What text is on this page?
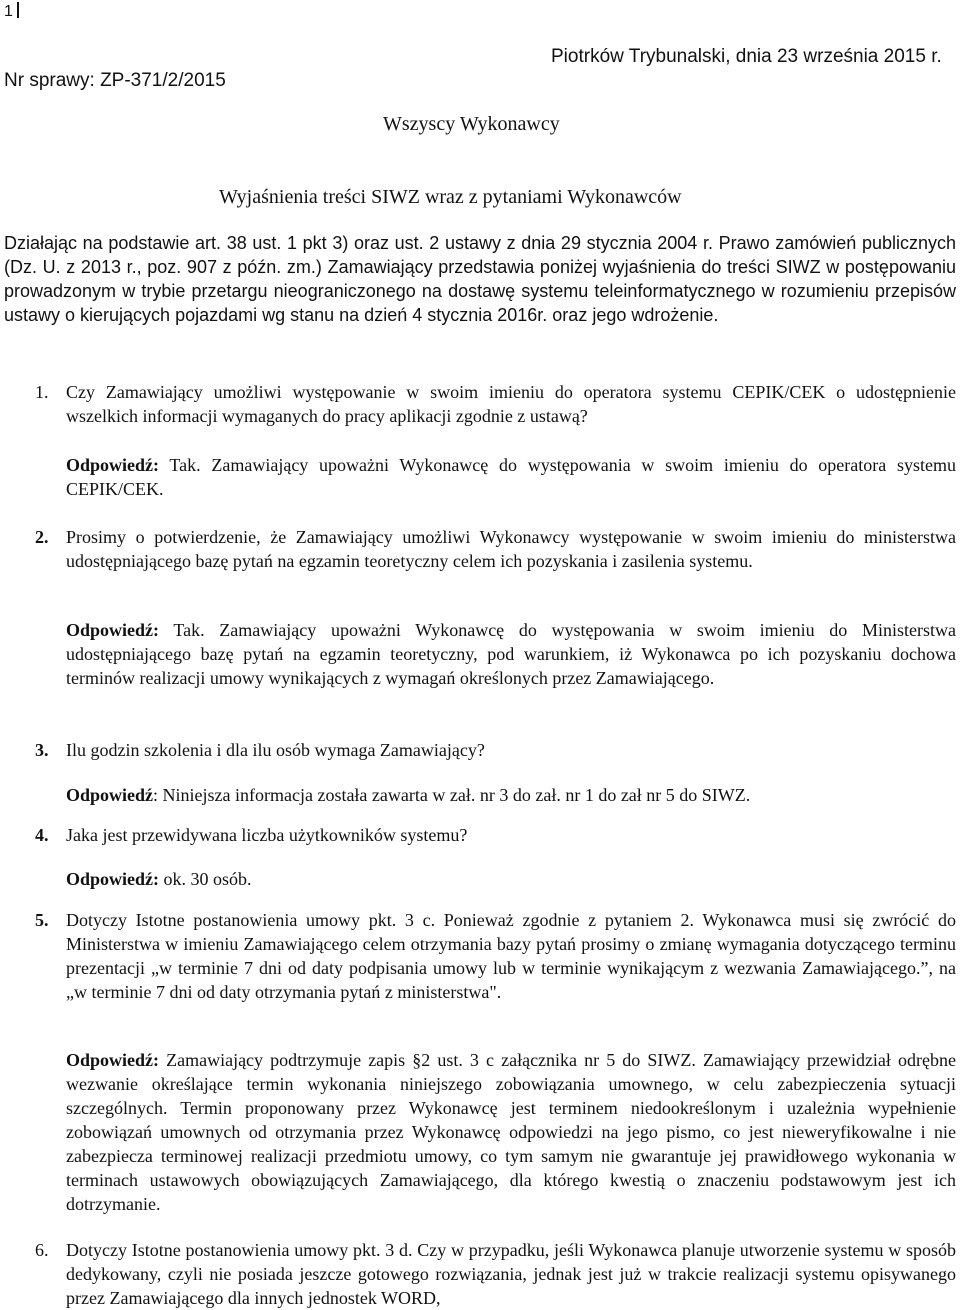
1
Nr sprawy: ZP-371/2/2015
Piotrków Trybunalski, dnia 23 września 2015 r.
Wszyscy Wykonawcy
Wyjaśnienia treści SIWZ wraz z pytaniami Wykonawców
Działając na podstawie art. 38 ust. 1 pkt 3) oraz ust. 2 ustawy z dnia 29 stycznia 2004 r. Prawo zamówień publicznych (Dz. U. z 2013 r., poz. 907 z późn. zm.) Zamawiający przedstawia poniżej wyjaśnienia do treści SIWZ w postępowaniu prowadzonym w trybie przetargu nieograniczonego na dostawę systemu teleinformatycznego w rozumieniu przepisów ustawy o kierujących pojazdami wg stanu na dzień 4 stycznia 2016r. oraz jego wdrożenie.
1. Czy Zamawiający umożliwi występowanie w swoim imieniu do operatora systemu CEPIK/CEK o udostępnienie wszelkich informacji wymaganych do pracy aplikacji zgodnie z ustawą?
Odpowiedź: Tak. Zamawiający upoważni Wykonawcę do występowania w swoim imieniu do operatora systemu CEPIK/CEK.
2. Prosimy o potwierdzenie, że Zamawiający umożliwi Wykonawcy występowanie w swoim imieniu do ministerstwa udostępniającego bazę pytań na egzamin teoretyczny celem ich pozyskania i zasilenia systemu.
Odpowiedź: Tak. Zamawiający upoważni Wykonawcę do występowania w swoim imieniu do Ministerstwa udostępniającego bazę pytań na egzamin teoretyczny, pod warunkiem, iż Wykonawca po ich pozyskaniu dochowa terminów realizacji umowy wynikających z wymagań określonych przez Zamawiającego.
3. Ilu godzin szkolenia i dla ilu osób wymaga Zamawiający?
Odpowiedź: Niniejsza informacja została zawarta w zał. nr 3 do zał. nr 1 do zał nr 5 do SIWZ.
4. Jaka jest przewidywana liczba użytkowników systemu?
Odpowiedź: ok. 30 osób.
5. Dotyczy Istotne postanowienia umowy pkt. 3 c. Ponieważ zgodnie z pytaniem 2. Wykonawca musi się zwrócić do Ministerstwa w imieniu Zamawiającego celem otrzymania bazy pytań prosimy o zmianę wymagania dotyczącego terminu prezentacji „w terminie 7 dni od daty podpisania umowy lub w terminie wynikającym z wezwania Zamawiającego.”, na „w terminie 7 dni od daty otrzymania pytań z ministerstwa".
Odpowiedź: Zamawiający podtrzymuje zapis §2 ust. 3 c załącznika nr 5 do SIWZ. Zamawiający przewidział odrębne wezwanie określające termin wykonania niniejszego zobowiązania umownego, w celu zabezpieczenia sytuacji szczególnych. Termin proponowany przez Wykonawcę jest terminem niedookreślonym i uzależnia wypełnienie zobowiązań umownych od otrzymania przez Wykonawcę odpowiedzi na jego pismo, co jest nieweryfikowalne i nie zabezpiecza terminowej realizacji przedmiotu umowy, co tym samym nie gwarantuje jej prawidłowego wykonania w terminach ustawowych obowiązujących Zamawiającego, dla którego kwestią o znaczeniu podstawowym jest ich dotrzymanie.
6. Dotyczy Istotne postanowienia umowy pkt. 3 d. Czy w przypadku, jeśli Wykonawca planuje utworzenie systemu w sposób dedykowany, czyli nie posiada jeszcze gotowego rozwiązania, jednak jest już w trakcie realizacji systemu opisywanego przez Zamawiającego dla innych jednostek WORD,
